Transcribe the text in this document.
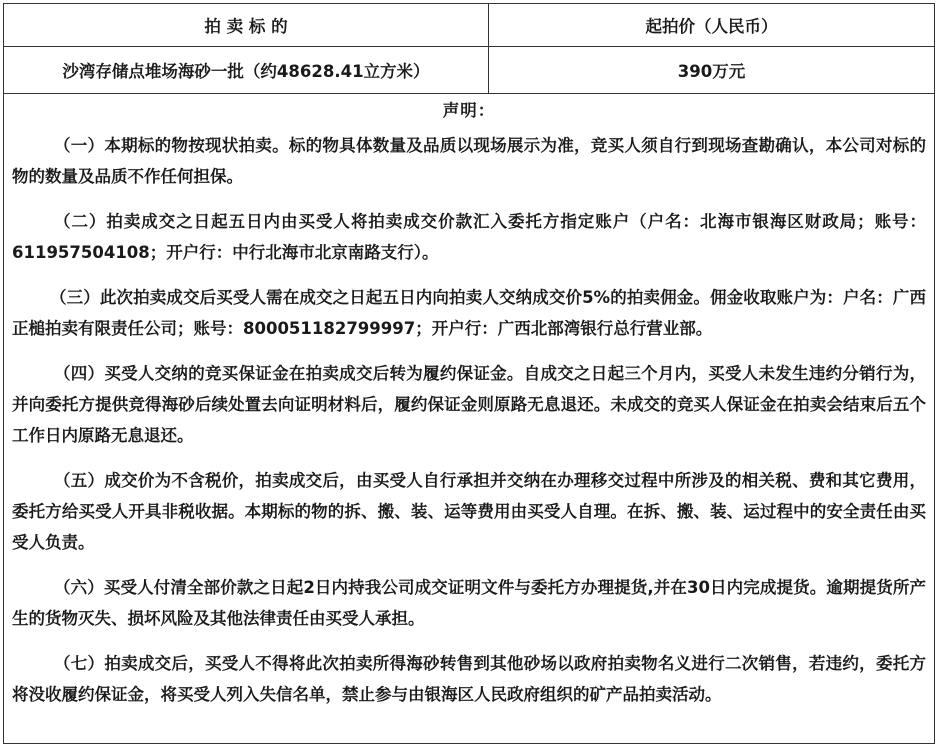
拍 卖 标 的	起拍价（人民币）
沙湾存储点堆场海砂一批（约48628.41立方米）	390万元
声明：

（一）本期标的物按现状拍卖。标的物具体数量及品质以现场展示为准，竞买人须自行到现场查勘确认，本公司对标的物的数量及品质不作任何担保。

（二）拍卖成交之日起五日内由买受人将拍卖成交价款汇入委托方指定账户（户名：北海市银海区财政局；账号：611957504108；开户行：中行北海市北京南路支行）。

（三）此次拍卖成交后买受人需在成交之日起五日内向拍卖人交纳成交价5%的拍卖佣金。佣金收取账户为：户名：广西正槌拍卖有限责任公司；账号：800051182799997；开户行：广西北部湾银行总行营业部。

（四）买受人交纳的竞买保证金在拍卖成交后转为履约保证金。自成交之日起三个月内，买受人未发生违约分销行为，并向委托方提供竞得海砂后续处置去向证明材料后，履约保证金则原路无息退还。未成交的竞买人保证金在拍卖会结束后五个工作日内原路无息退还。

（五）成交价为不含税价，拍卖成交后，由买受人自行承担并交纳在办理移交过程中所涉及的相关税、费和其它费用，委托方给买受人开具非税收据。本期标的物的拆、搬、装、运等费用由买受人自理。在拆、搬、装、运过程中的安全责任由买受人负责。

（六）买受人付清全部价款之日起2日内持我公司成交证明文件与委托方办理提货,并在30日内完成提货。逾期提货所产生的货物灭失、损坏风险及其他法律责任由买受人承担。

（七）拍卖成交后，买受人不得将此次拍卖所得海砂转售到其他砂场以政府拍卖物名义进行二次销售，若违约，委托方将没收履约保证金，将买受人列入失信名单，禁止参与由银海区人民政府组织的矿产品拍卖活动。
